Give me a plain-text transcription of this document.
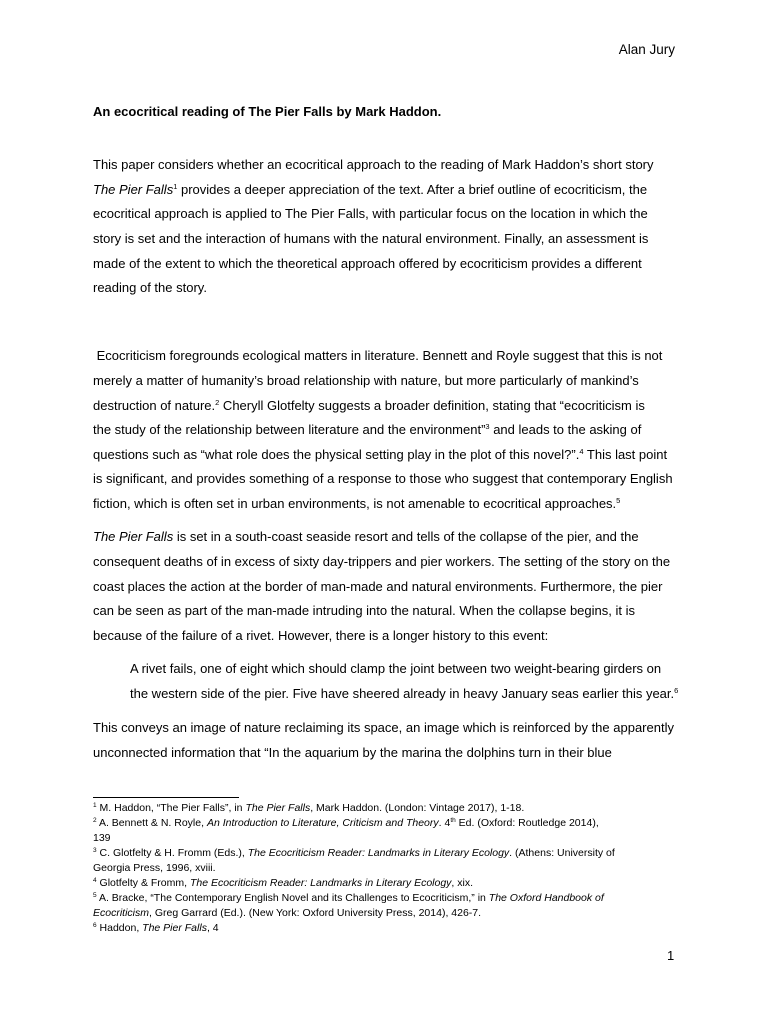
Alan Jury
An ecocritical reading of The Pier Falls by Mark Haddon.
This paper considers whether an ecocritical approach to the reading of Mark Haddon’s short story
The Pier Falls$^1$ provides a deeper appreciation of the text. After a brief outline of ecocriticism, the
ecocritical approach is applied to The Pier Falls, with particular focus on the location in which the
story is set and the interaction of humans with the natural environment. Finally, an assessment is
made of the extent to which the theoretical approach offered by ecocriticism provides a different
reading of the story.
Ecocriticism foregrounds ecological matters in literature. Bennett and Royle suggest that this is not
merely a matter of humanity’s broad relationship with nature, but more particularly of mankind’s
destruction of nature.$^2$ Cheryll Glotfelty suggests a broader definition, stating that “ecocriticism is
the study of the relationship between literature and the environment”$^3$ and leads to the asking of
questions such as “what role does the physical setting play in the plot of this novel?”.$^4$ This last point
is significant, and provides something of a response to those who suggest that contemporary English
fiction, which is often set in urban environments, is not amenable to ecocritical approaches.$^5$
The Pier Falls is set in a south-coast seaside resort and tells of the collapse of the pier, and the
consequent deaths of in excess of sixty day-trippers and pier workers. The setting of the story on the
coast places the action at the border of man-made and natural environments. Furthermore, the pier
can be seen as part of the man-made intruding into the natural. When the collapse begins, it is
because of the failure of a rivet. However, there is a longer history to this event:
A rivet fails, one of eight which should clamp the joint between two weight-bearing girders on
the western side of the pier. Five have sheered already in heavy January seas earlier this year.$^6$
This conveys an image of nature reclaiming its space, an image which is reinforced by the apparently
unconnected information that “In the aquarium by the marina the dolphins turn in their blue
$^1$ M. Haddon, “The Pier Falls”, in The Pier Falls, Mark Haddon. (London: Vintage 2017), 1-18.
$^2$ A. Bennett & N. Royle, An Introduction to Literature, Criticism and Theory. 4th Ed. (Oxford: Routledge 2014),
139
$^3$ C. Glotfelty & H. Fromm (Eds.), The Ecocriticism Reader: Landmarks in Literary Ecology. (Athens: University of
Georgia Press, 1996, xviii.
$^4$ Glotfelty & Fromm, The Ecocriticism Reader: Landmarks in Literary Ecology, xix.
$^5$ A. Bracke, “The Contemporary English Novel and its Challenges to Ecocriticism,” in The Oxford Handbook of
Ecocriticism, Greg Garrard (Ed.). (New York: Oxford University Press, 2014), 426-7.
$^6$ Haddon, The Pier Falls, 4
1
